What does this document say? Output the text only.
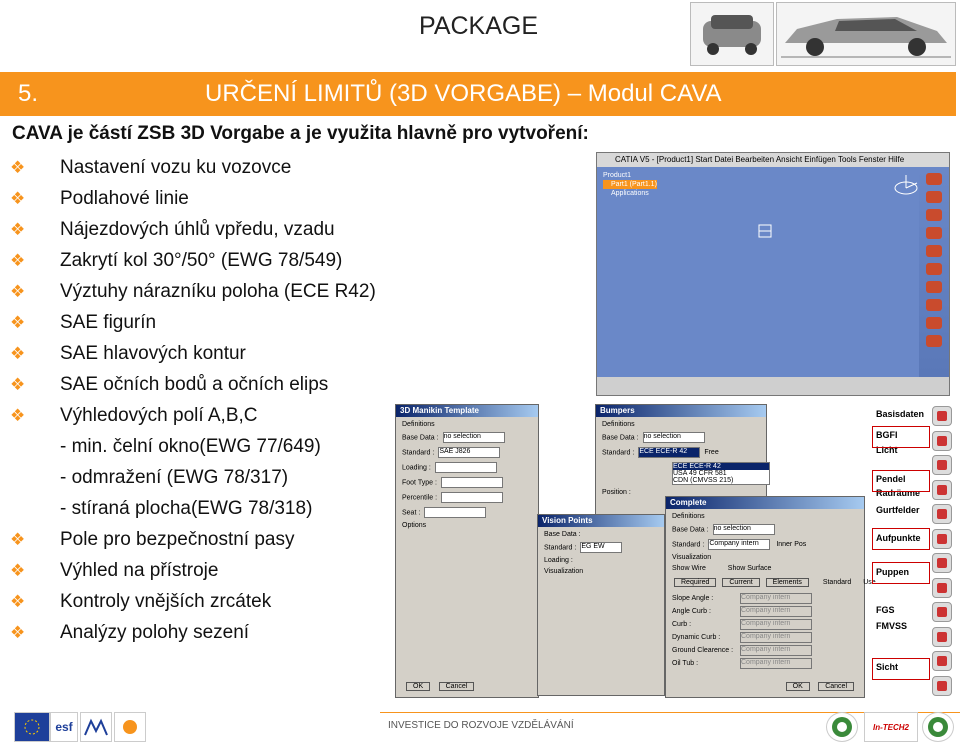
PACKAGE
5.	URČENÍ LIMITŮ (3D VORGABE) – Modul CAVA
CAVA je částí ZSB 3D Vorgabe a je využita hlavně pro vytvoření:
❖ Nastavení vozu ku vozovce
❖ Podlahové linie
❖ Nájezdových úhlů vpředu, vzadu
❖ Zakrytí kol 30°/50° (EWG 78/549)
❖ Výztuhy nárazníku poloha (ECE R42)
❖ SAE figurín
❖ SAE hlavových kontur
❖ SAE očních bodů a očních elips
❖ Výhledových polí A,B,C
- min. čelní okno(EWG 77/649)
- odmražení (EWG 78/317)
- stíraná plocha(EWG 78/318)
❖ Pole pro bezpečnostní pasy
❖ Výhled na přístroje
❖ Kontroly vnějších zrcátek
❖ Analýzy polohy sezení
CATIA V5 - [Product1] Start Datei Bearbeiten Ansicht Einfügen Tools Fenster Hilfe
Product1
Part1 (Part1.1)
Applications
3D Manikin Template
Definitions
Base Data : no selection
Standard : SAE J826
Loading :
Foot Type :
Percentile :
Seat :
Options
OK	Cancel
Bumpers
Definitions
Base Data : no selection
Standard : ECE ECE-R 42 Free
ECE ECE-R 42
USA 49 CFR 581
CDN (CMVSS 215)
Position :
Vision Points
Base Data :
Standard : EG EW
Loading :
Visualization
Complete
Definitions
Base Data : no selection
Standard : Company intern	Inner Pos
Visualization
Show Wire	Show Surface
Required	Current	Elements	Standard Use
Slope Angle :	Company intern
Angle Curb :	Company intern
Curb :	Company intern
Dynamic Curb :	Company intern
Ground Clearence : Company intern
Oil Tub :	Company intern
OK	Cancel
Basisdaten
BGFI
Licht
Pendel
Radräume
Gurtfelder
Aufpunkte
Puppen
FGS
FMVSS
Sicht
esf	INVESTICE DO ROZVOJE VZDĚLÁVÁNÍ	In-TECH2
